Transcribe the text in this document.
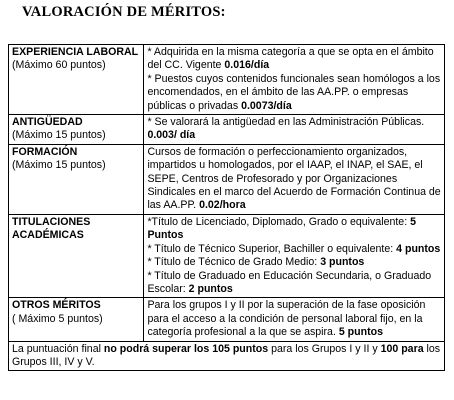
VALORACIÓN DE MÉRITOS:
EXPERIENCIA LABORAL
(Máximo 60 puntos)	* Adquirida en la misma categoría a que se opta en el ámbito del CC. Vigente 0.016/día
* Puestos cuyos contenidos funcionales sean homólogos a los encomendados, en el ámbito de las AA.PP. o empresas públicas o privadas 0.0073/día

ANTIGÜEDAD
(Máximo 15 puntos)	* Se valorará la antigüedad en las Administración Públicas. 0.003/ día

FORMACIÓN
(Máximo 15 puntos)	Cursos de formación o perfeccionamiento organizados, impartidos u homologados, por el IAAP, el INAP, el SAE, el SEPE, Centros de Profesorado y por Organizaciones Sindicales en el marco del Acuerdo de Formación Continua de las AA.PP. 0.02/hora

TITULACIONES ACADÉMICAS	*Título de Licenciado, Diplomado, Grado o equivalente: 5 Puntos
* Título de Técnico Superior, Bachiller o equivalente: 4 puntos
* Título de Técnico de Grado Medio: 3 puntos
* Título de Graduado en Educación Secundaria, o Graduado Escolar: 2 puntos

OTROS MÉRITOS
( Máximo 5 puntos)	Para los grupos I y II por la superación de la fase oposición para el acceso a la condición de personal laboral fijo, en la categoría profesional a la que se aspira. 5 puntos

La puntuación final no podrá superar los 105 puntos para los Grupos I y II y 100 para los Grupos III, IV y V.	
